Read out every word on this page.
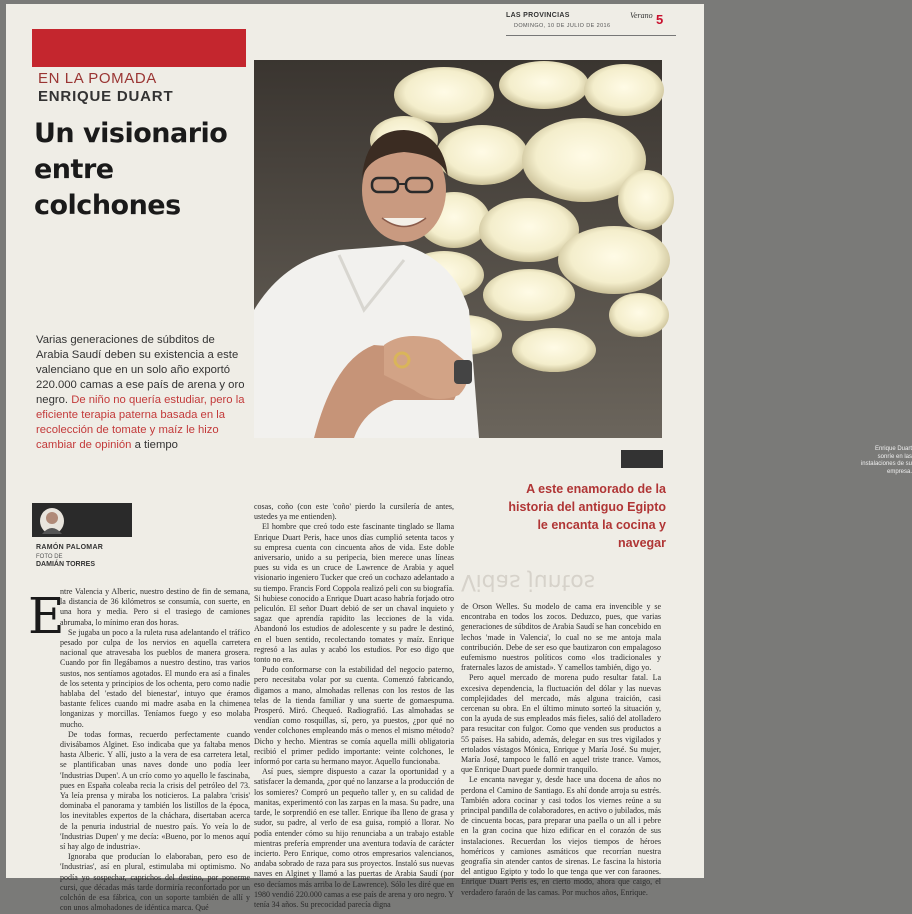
LAS PROVINCIAS	Verano
DOMINGO, 10 DE JULIO DE 2016	5
EN LA POMADA
ENRIQUE DUART
Un visionario
entre
colchones
Enrique Duart sonríe en las instalaciones de su empresa.
Varias generaciones de súbditos de Arabia Saudí deben su existencia a este valenciano que en un solo año exportó 220.000 camas a ese país de arena y oro negro. De niño no quería estudiar, pero la eficiente terapia paterna basada en la recolección de tomate y maíz le hizo cambiar de opinión a tiempo
RAMÓN PALOMAR
FOTO DE
DAMIÁN TORRES
A este enamorado de la historia del antiguo Egipto le encanta la cocina y navegar
Vidas juntos
E

ntre Valencia y Alberic, nuestro destino de fin de semana, la distancia de 36 kilómetros se consumía, con suerte, en una hora y media. Pero si el trasiego de camiones abrumaba, lo mínimo eran dos horas.

Se jugaba un poco a la ruleta rusa adelantando el tráfico pesado por culpa de los nervios en aquella carretera nacional que atravesaba los pueblos de manera grosera. Cuando por fin llegábamos a nuestro destino, tras varios sustos, nos sentíamos agotados. El mundo era así a finales de los setenta y principios de los ochenta, pero como nadie hablaba del 'estado del bienestar', intuyo que éramos bastante felices cuando mi madre asaba en la chimenea longanizas y morcillas. Teníamos fuego y eso molaba mucho.

De todas formas, recuerdo perfectamente cuando divisábamos Alginet. Eso indicaba que ya faltaba menos hasta Alberic. Y allí, justo a la vera de esa carretera letal, se plantificaban unas naves donde uno podía leer 'Industrias Dupen'. A un crío como yo aquello le fascinaba, pues en España coleaba recia la crisis del petróleo del 73. Ya leía prensa y miraba los noticieros. La palabra 'crisis' dominaba el panorama y también los listillos de la época, los inevitables expertos de la cháchara, disertaban acerca de la penuria industrial de nuestro país. Yo veía lo de 'Industrias Dupen' y me decía: «Bueno, por lo menos aquí sí hay algo de industria».

Ignoraba que producían lo elaboraban, pero eso de 'Industrias', así en plural, estimulaba mi optimismo. No podía yo sospechar, caprichos del destino, por ponerme cursi, que décadas más tarde dormiría reconfortado por un colchón de esa fábrica, con un soporte también de allí y con unos almohadones de idéntica marca. Qué

cosas, coño (con este 'coño' pierdo la cursilería de antes, ustedes ya me entienden).

El hombre que creó todo este fascinante tinglado se llama Enrique Duart Peris, hace unos días cumplió setenta tacos y su empresa cuenta con cincuenta años de vida. Este doble aniversario, unido a su peripecia, bien merece unas líneas pues su vida es un cruce de Lawrence de Arabia y aquel visionario ingeniero Tucker que creó un cochazo adelantado a su tiempo. Francis Ford Coppola realizó peli con su biografía. Si hubiese conocido a Enrique Duart acaso habría forjado otro peliculón. El señor Duart debió de ser un chaval inquieto y sagaz que aprendía rapidito las lecciones de la vida. Abandonó los estudios de adolescente y su padre le destinó, en el buen sentido, recolectando tomates y maíz. Enrique regresó a las aulas y acabó los estudios. Por eso digo que tonto no era.

Pudo conformarse con la estabilidad del negocio paterno, pero necesitaba volar por su cuenta. Comenzó fabricando, digamos a mano, almohadas rellenas con los restos de las telas de la tienda familiar y una suerte de gomaespuma. Prosperó. Miró. Chequeó. Radiografió. Las almohadas se vendían como rosquillas, sí, pero, ya puestos, ¿por qué no vender colchones empleando más o menos el mismo método? Dicho y hecho. Mientras se comía aquella milli obligatoria recibió el primer pedido importante: veinte colchones, le informó por carta su hermano mayor. Aquello funcionaba.

Así pues, siempre dispuesto a cazar la oportunidad y a satisfacer la demanda, ¿por qué no lanzarse a la producción de los somieres? Compró un pequeño taller y, en su calidad de manitas, experimentó con las zarpas en la masa. Su padre, una tarde, le sorprendió en ese taller. Enrique iba lleno de grasa y sudor, su padre, al verlo de esa guisa, rompió a llorar. No podía entender cómo su hijo renunciaba a un trabajo estable mientras prefería emprender una aventura todavía de carácter incierto. Pero Enrique, como otros empresarios valencianos, andaba sobrado de raza para sus proyectos. Instaló sus nuevas naves en Alginet y llamó a las puertas de Arabia Saudí (por eso decíamos más arriba lo de Lawrence). Sólo les diré que en 1980 vendió 220.000 camas a ese país de arena y oro negro. Y tenía 34 años. Su precocidad parecía digna

de Orson Welles. Su modelo de cama era invencible y se encontraba en todos los zocos. Deduzco, pues, que varias generaciones de súbditos de Arabia Saudí se han concebido en lechos 'made in Valencia', lo cual no se me antoja mala contribución. Debe de ser eso que bautizaron con empalagoso eufemismo nuestros políticos como «los tradicionales y fraternales lazos de amistad». Y camellos también, digo yo.

Pero aquel mercado de morena pudo resultar fatal. La excesiva dependencia, la fluctuación del dólar y las nuevas complejidades del mercado, más alguna traición, casi cercenan su obra. En el último minuto sorteó la situación y, con la ayuda de sus empleados más fieles, salió del atolladero para resucitar con fulgor. Como que venden sus productos a 55 países. Ha sabido, además, delegar en sus tres vigilados y ertolados vástagos Mónica, Enrique y María José. Su mujer, María José, tampoco le falló en aquel triste trance. Vamos, que Enrique Duart puede dormir tranquilo.

Le encanta navegar y, desde hace una docena de años no perdona el Camino de Santiago. Es ahí donde arroja su estrés. También adora cocinar y casi todos los viernes reúne a su principal pandilla de colaboradores, en activo o jubilados, más de cincuenta bocas, para preparar una paella o un all i pebre en la gran cocina que hizo edificar en el corazón de sus instalaciones. Recuerdan los viejos tiempos de héroes homéricos y camiones asmáticos que recorrían nuestra geografía sin atender cantos de sirenas. Le fascina la historia del antiguo Egipto y todo lo que tenga que ver con faraones. Enrique Duart Peris es, en cierto modo, ahora que caigo, el verdadero faraón de las camas. Por muchos años, Enrique.
